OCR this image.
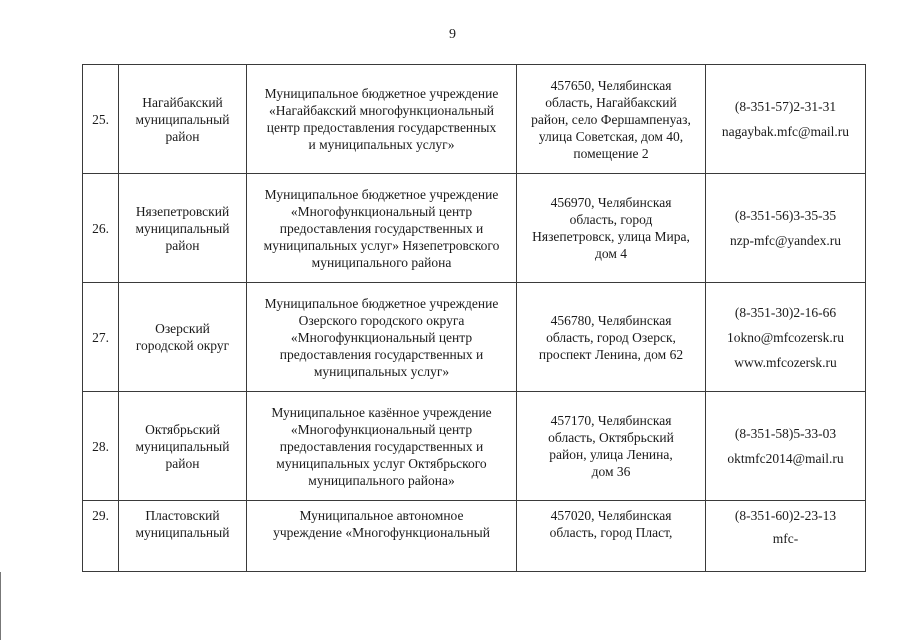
9
25.	Нагайбакский
муниципальный
район	Муниципальное бюджетное учреждение
«Нагайбакский многофункциональный
центр предоставления государственных
и муниципальных услуг»	457650, Челябинская
область, Нагайбакский
район, село Фершампенуаз,
улица Советская, дом 40,
помещение 2	(8-351-57)2-31-31
nagaybak.mfc@mail.ru

26.	Нязепетровский
муниципальный
район	Муниципальное бюджетное учреждение
«Многофункциональный центр
предоставления государственных и
муниципальных услуг» Нязепетровского
муниципального района	456970, Челябинская
область, город
Нязепетровск, улица Мира,
дом 4	(8-351-56)3-35-35
nzp-mfc@yandex.ru

27.	Озерский
городской округ	Муниципальное бюджетное учреждение
Озерского городского округа
«Многофункциональный центр
предоставления государственных и
муниципальных услуг»	456780, Челябинская
область, город Озерск,
проспект Ленина, дом 62	(8-351-30)2-16-66
1okno@mfcozersk.ru
www.mfcozersk.ru

28.	Октябрьский
муниципальный
район	Муниципальное казённое учреждение
«Многофункциональный центр
предоставления государственных и
муниципальных услуг Октябрьского
муниципального района»	457170, Челябинская
область, Октябрьский
район, улица Ленина,
дом 36	(8-351-58)5-33-03
oktmfc2014@mail.ru

29.	Пластовский
муниципальный	Муниципальное автономное
учреждение «Многофункциональный	457020, Челябинская
область, город Пласт,	(8-351-60)2-23-13
mfc-
